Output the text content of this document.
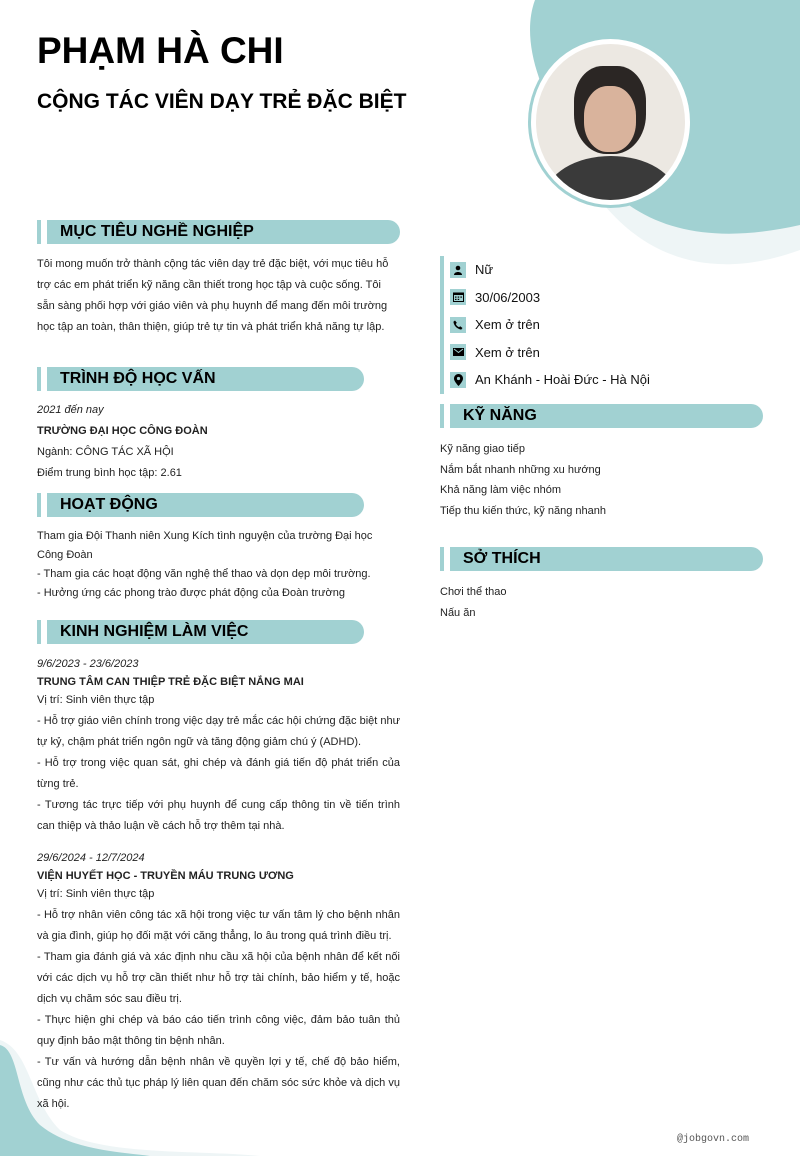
PHẠM HÀ CHI
CỘNG TÁC VIÊN DẠY TRẺ ĐẶC BIỆT
MỤC TIÊU NGHỀ NGHIỆP
Tôi mong muốn trở thành cộng tác viên dạy trẻ đặc biệt, với mục tiêu hỗ trợ các em phát triển kỹ năng cần thiết trong học tập và cuộc sống. Tôi sẵn sàng phối hợp với giáo viên và phụ huynh để mang đến môi trường học tập an toàn, thân thiện, giúp trẻ tự tin và phát triển khả năng tự lập.
TRÌNH ĐỘ HỌC VẤN
2021 đến nay
TRƯỜNG ĐẠI HỌC CÔNG ĐOÀN
Ngành: CÔNG TÁC XÃ HỘI
Điểm trung bình học tập: 2.61
HOẠT ĐỘNG
Tham gia Đội Thanh niên Xung Kích tình nguyện của trường Đại học Công Đoàn
- Tham gia các hoạt động văn nghệ thể thao và dọn dẹp môi trường.
- Hưởng ứng các phong trào được phát động của Đoàn trường
KINH NGHIỆM LÀM VIỆC
9/6/2023 - 23/6/2023
TRUNG TÂM CAN THIỆP TRẺ ĐẶC BIỆT NẮNG MAI
Vị trí: Sinh viên thực tập
- Hỗ trợ giáo viên chính trong việc dạy trẻ mắc các hội chứng đặc biệt như tự kỷ, chậm phát triển ngôn ngữ và tăng động giảm chú ý (ADHD).
- Hỗ trợ trong việc quan sát, ghi chép và đánh giá tiến độ phát triển của từng trẻ.
- Tương tác trực tiếp với phụ huynh để cung cấp thông tin về tiến trình can thiệp và thảo luận về cách hỗ trợ thêm tại nhà.
29/6/2024 - 12/7/2024
VIỆN HUYẾT HỌC - TRUYỀN MÁU TRUNG ƯƠNG
Vị trí: Sinh viên thực tập
- Hỗ trợ nhân viên công tác xã hội trong việc tư vấn tâm lý cho bệnh nhân và gia đình, giúp họ đối mặt với căng thẳng, lo âu trong quá trình điều trị.
- Tham gia đánh giá và xác định nhu cầu xã hội của bệnh nhân để kết nối với các dịch vụ hỗ trợ cần thiết như hỗ trợ tài chính, bảo hiểm y tế, hoặc dịch vụ chăm sóc sau điều trị.
- Thực hiện ghi chép và báo cáo tiến trình công việc, đảm bảo tuân thủ quy định bảo mật thông tin bệnh nhân.
- Tư vấn và hướng dẫn bệnh nhân về quyền lợi y tế, chế độ bảo hiểm, cũng như các thủ tục pháp lý liên quan đến chăm sóc sức khỏe và dịch vụ xã hội.
Nữ
30/06/2003
Xem ở trên
Xem ở trên
An Khánh - Hoài Đức - Hà Nội
KỸ NĂNG
Kỹ năng giao tiếp
Nắm bắt nhanh những xu hướng
Khả năng làm việc nhóm
Tiếp thu kiến thức, kỹ năng nhanh
SỞ THÍCH
Chơi thể thao
Nấu ăn
@jobgovn.com
